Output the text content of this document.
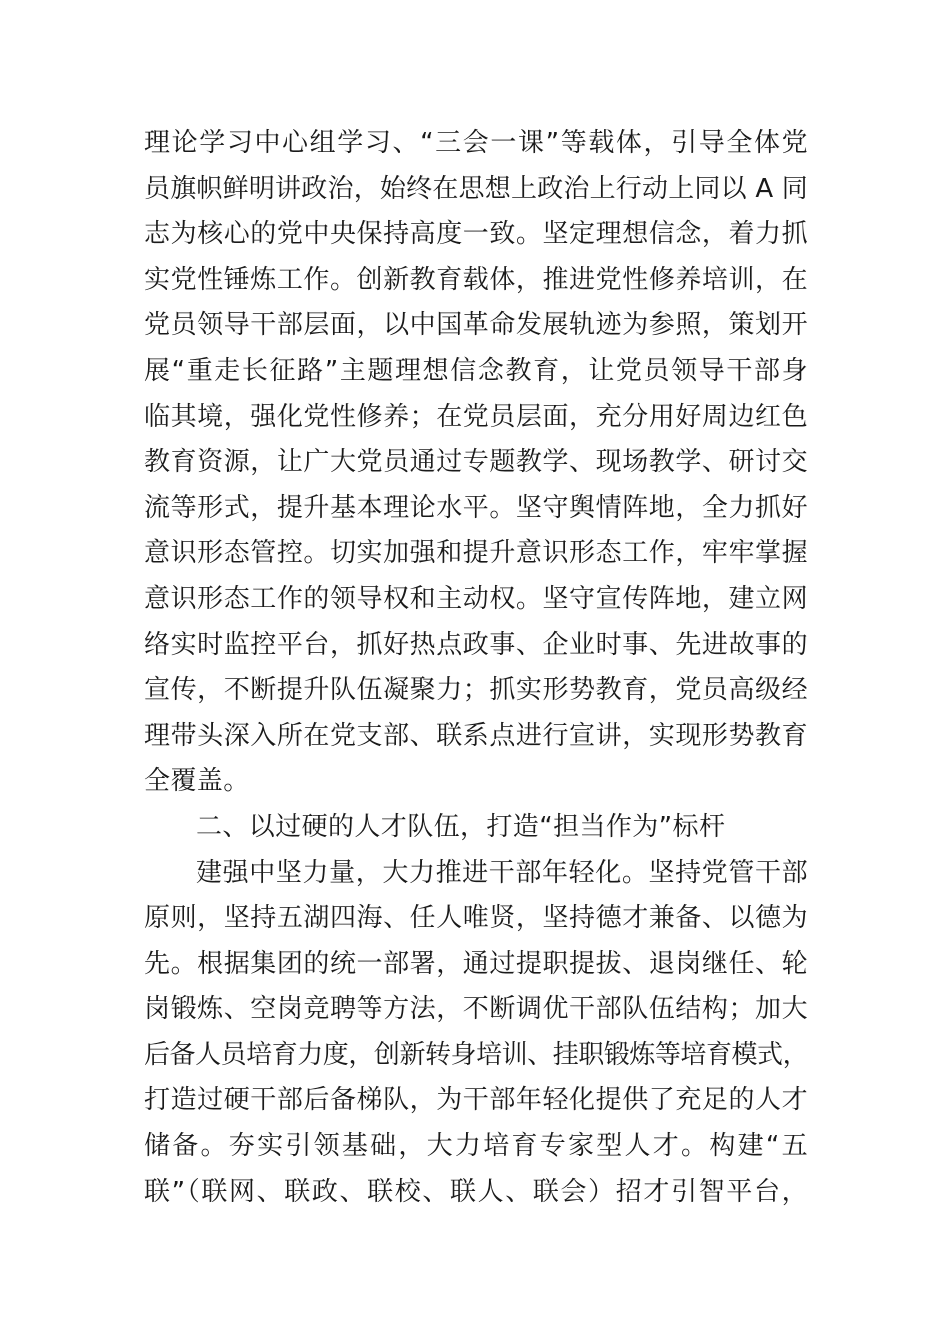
理论学习中心组学习、“三会一课”等载体，引导全体党
员旗帜鲜明讲政治，始终在思想上政治上行动上同以 A 同
志为核心的党中央保持高度一致。坚定理想信念，着力抓
实党性锤炼工作。创新教育载体，推进党性修养培训，在
党员领导干部层面，以中国革命发展轨迹为参照，策划开
展“重走长征路”主题理想信念教育，让党员领导干部身
临其境，强化党性修养；在党员层面，充分用好周边红色
教育资源，让广大党员通过专题教学、现场教学、研讨交
流等形式，提升基本理论水平。坚守舆情阵地，全力抓好
意识形态管控。切实加强和提升意识形态工作，牢牢掌握
意识形态工作的领导权和主动权。坚守宣传阵地，建立网
络实时监控平台，抓好热点政事、企业时事、先进故事的
宣传，不断提升队伍凝聚力；抓实形势教育，党员高级经
理带头深入所在党支部、联系点进行宣讲，实现形势教育
全覆盖。
二、以过硬的人才队伍，打造“担当作为”标杆
建强中坚力量，大力推进干部年轻化。坚持党管干部
原则，坚持五湖四海、任人唯贤，坚持德才兼备、以德为
先。根据集团的统一部署，通过提职提拔、退岗继任、轮
岗锻炼、空岗竞聘等方法，不断调优干部队伍结构；加大
后备人员培育力度，创新转身培训、挂职锻炼等培育模式，
打造过硬干部后备梯队，为干部年轻化提供了充足的人才
储备。夯实引领基础，大力培育专家型人才。构建“五
联”（联网、联政、联校、联人、联会）招才引智平台，
